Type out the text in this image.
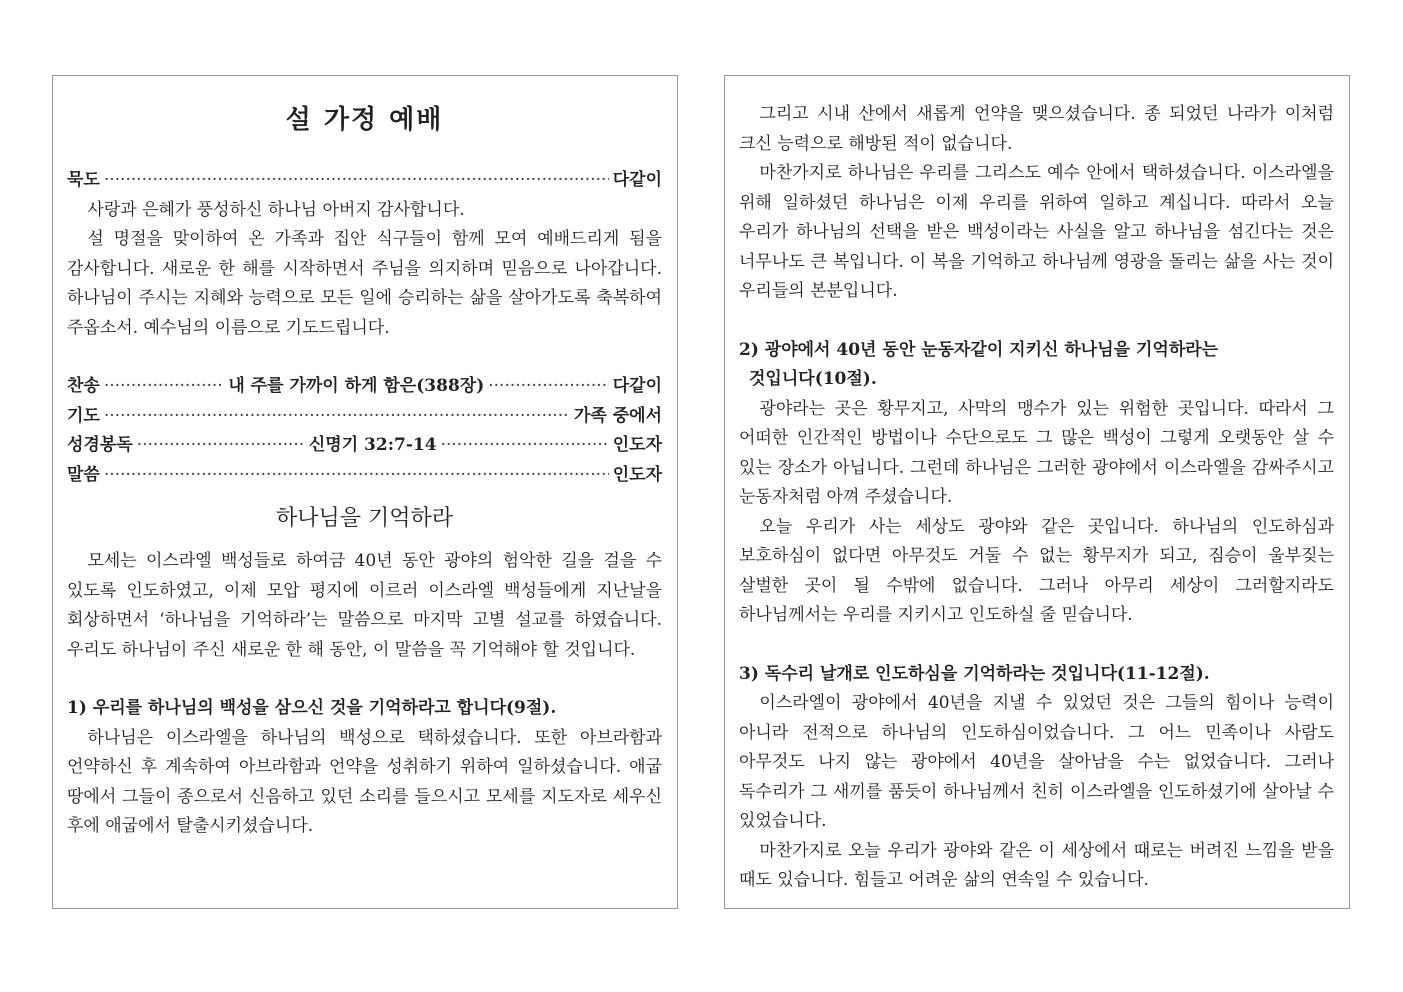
설 가정 예배
묵도 ·····	다같이

사랑과 은혜가 풍성하신 하나님 아버지 감사합니다.

설 명절을 맞이하여 온 가족과 집안 식구들이 함께 모여 예배드리게 됨을 감사합니다. 새로운 한 해를 시작하면서 주님을 의지하며 믿음으로 나아갑니다. 하나님이 주시는 지혜와 능력으로 모든 일에 승리하는 삶을 살아가도록 축복하여 주옵소서. 예수님의 이름으로 기도드립니다.

찬송 ·····	내 주를 가까이 하게 함은(388장) ·····	다같이
기도 ·····	가족 중에서
성경봉독 ·····	신명기 32:7-14 ·····	인도자
말씀 ·····	인도자
하나님을 기억하라

모세는 이스라엘 백성들로 하여금 40년 동안 광야의 험악한 길을 걸을 수 있도록 인도하였고, 이제 모압 평지에 이르러 이스라엘 백성들에게 지난날을 회상하면서 ‘하나님을 기억하라’는 말씀으로 마지막 고별 설교를 하였습니다. 우리도 하나님이 주신 새로운 한 해 동안, 이 말씀을 꼭 기억해야 할 것입니다.

1) 우리를 하나님의 백성을 삼으신 것을 기억하라고 합니다(9절).

하나님은 이스라엘을 하나님의 백성으로 택하셨습니다. 또한 아브라함과 언약하신 후 계속하여 아브라함과 언약을 성취하기 위하여 일하셨습니다. 애굽 땅에서 그들이 종으로서 신음하고 있던 소리를 들으시고 모세를 지도자로 세우신 후에 애굽에서 탈출시키셨습니다.

그리고 시내 산에서 새롭게 언약을 맺으셨습니다. 종 되었던 나라가 이처럼 크신 능력으로 해방된 적이 없습니다.

마찬가지로 하나님은 우리를 그리스도 예수 안에서 택하셨습니다. 이스라엘을 위해 일하셨던 하나님은 이제 우리를 위하여 일하고 계십니다. 따라서 오늘 우리가 하나님의 선택을 받은 백성이라는 사실을 알고 하나님을 섬긴다는 것은 너무나도 큰 복입니다. 이 복을 기억하고 하나님께 영광을 돌리는 삶을 사는 것이 우리들의 본분입니다.

2) 광야에서 40년 동안 눈동자같이 지키신 하나님을 기억하라는

것입니다(10절).

광야라는 곳은 황무지고, 사막의 맹수가 있는 위험한 곳입니다. 따라서 그 어떠한 인간적인 방법이나 수단으로도 그 많은 백성이 그렇게 오랫동안 살 수 있는 장소가 아닙니다. 그런데 하나님은 그러한 광야에서 이스라엘을 감싸주시고 눈동자처럼 아껴 주셨습니다.

오늘 우리가 사는 세상도 광야와 같은 곳입니다. 하나님의 인도하심과 보호하심이 없다면 아무것도 거둘 수 없는 황무지가 되고, 짐승이 울부짖는 살벌한 곳이 될 수밖에 없습니다. 그러나 아무리 세상이 그러할지라도 하나님께서는 우리를 지키시고 인도하실 줄 믿습니다.

3) 독수리 날개로 인도하심을 기억하라는 것입니다(11-12절).

이스라엘이 광야에서 40년을 지낼 수 있었던 것은 그들의 힘이나 능력이 아니라 전적으로 하나님의 인도하심이었습니다. 그 어느 민족이나 사람도 아무것도 나지 않는 광야에서 40년을 살아남을 수는 없었습니다. 그러나 독수리가 그 새끼를 품듯이 하나님께서 친히 이스라엘을 인도하셨기에 살아날 수 있었습니다.

마찬가지로 오늘 우리가 광야와 같은 이 세상에서 때로는 버려진 느낌을 받을 때도 있습니다. 힘들고 어려운 삶의 연속일 수 있습니다.
